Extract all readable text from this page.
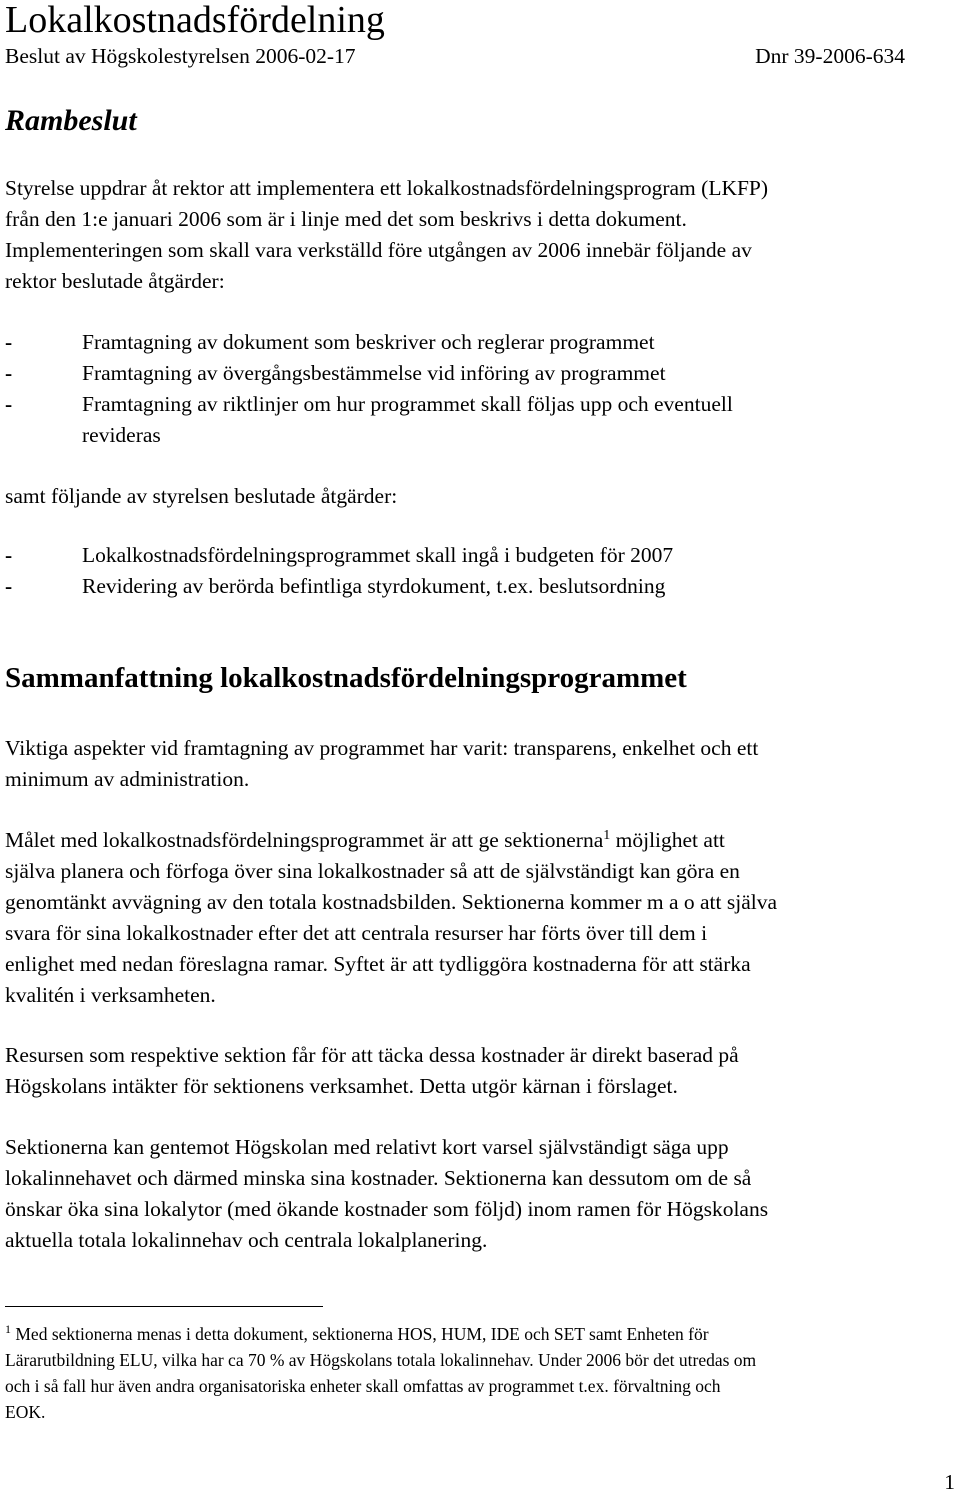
Lokalkostnadsfördelning
Beslut av Högskolestyrelsen 2006-02-17	Dnr 39-2006-634
Rambeslut
Styrelse uppdrar åt rektor att implementera ett lokalkostnadsfördelningsprogram (LKFP)
från den 1:e januari 2006 som är i linje med det som beskrivs i detta dokument.
Implementeringen som skall vara verkställd före utgången av 2006 innebär följande av
rektor beslutade åtgärder:
-	Framtagning av dokument som beskriver och reglerar programmet
-	Framtagning av övergångsbestämmelse vid införing av programmet
-	Framtagning av riktlinjer om hur programmet skall följas upp och eventuell
revideras
samt följande av styrelsen beslutade åtgärder:
-	Lokalkostnadsfördelningsprogrammet skall ingå i budgeten för 2007
-	Revidering av berörda befintliga styrdokument, t.ex. beslutsordning
Sammanfattning lokalkostnadsfördelningsprogrammet
Viktiga aspekter vid framtagning av programmet har varit: transparens, enkelhet och ett
minimum av administration.
Målet med lokalkostnadsfördelningsprogrammet är att ge sektionerna$^1$ möjlighet att
själva planera och förfoga över sina lokalkostnader så att de självständigt kan göra en
genomtänkt avvägning av den totala kostnadsbilden. Sektionerna kommer m a o att själva
svara för sina lokalkostnader efter det att centrala resurser har förts över till dem i
enlighet med nedan föreslagna ramar. Syftet är att tydliggöra kostnaderna för att stärka
kvalitén i verksamheten.
Resursen som respektive sektion får för att täcka dessa kostnader är direkt baserad på
Högskolans intäkter för sektionens verksamhet. Detta utgör kärnan i förslaget.
Sektionerna kan gentemot Högskolan med relativt kort varsel självständigt säga upp
lokalinnehavet och därmed minska sina kostnader. Sektionerna kan dessutom om de så
önskar öka sina lokalytor (med ökande kostnader som följd) inom ramen för Högskolans
aktuella totala lokalinnehav och centrala lokalplanering.
$^1$ Med sektionerna menas i detta dokument, sektionerna HOS, HUM, IDE och SET samt Enheten för
Lärarutbildning ELU, vilka har ca 70 % av Högskolans totala lokalinnehav. Under 2006 bör det utredas om
och i så fall hur även andra organisatoriska enheter skall omfattas av programmet t.ex. förvaltning och
EOK.
1
